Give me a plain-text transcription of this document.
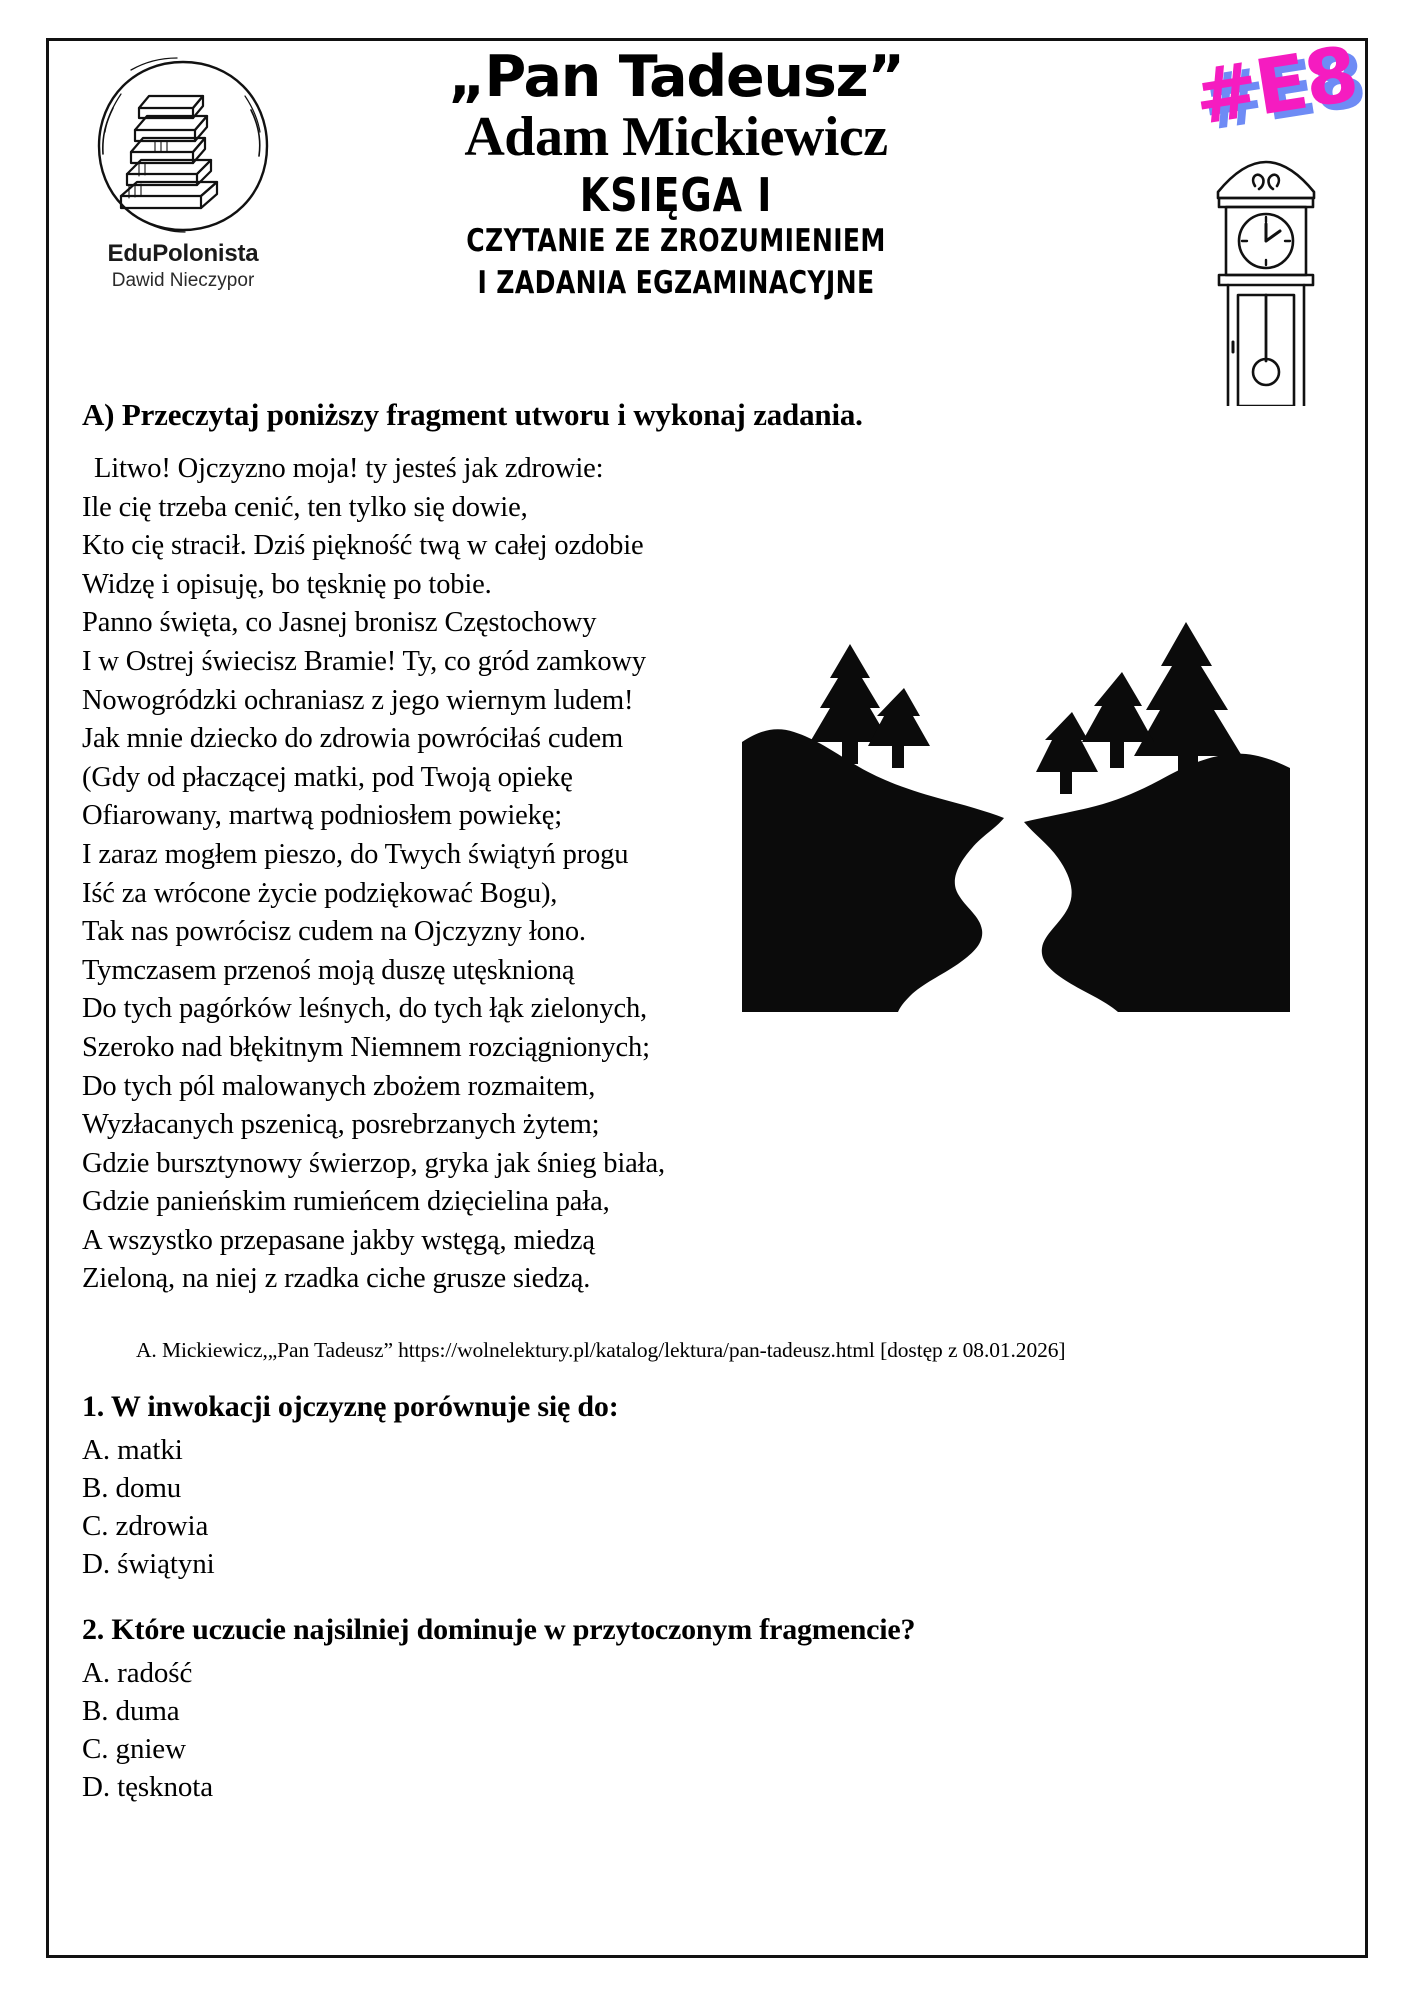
EduPolonista
Dawid Nieczypor
„Pan Tadeusz”
Adam Mickiewicz
KSIĘGA I
CZYTANIE ZE ZROZUMIENIEM
I ZADANIA EGZAMINACYJNE
#E8
A) Przeczytaj poniższy fragment utworu i wykonaj zadania.
Litwo! Ojczyzno moja! ty jesteś jak zdrowie:
Ile cię trzeba cenić, ten tylko się dowie,
Kto cię stracił. Dziś piękność twą w całej ozdobie
Widzę i opisuję, bo tęsknię po tobie.
Panno święta, co Jasnej bronisz Częstochowy
I w Ostrej świecisz Bramie! Ty, co gród zamkowy
Nowogródzki ochraniasz z jego wiernym ludem!
Jak mnie dziecko do zdrowia powróciłaś cudem
(Gdy od płaczącej matki, pod Twoją opiekę
Ofiarowany, martwą podniosłem powiekę;
I zaraz mogłem pieszo, do Twych świątyń progu
Iść za wrócone życie podziękować Bogu),
Tak nas powrócisz cudem na Ojczyzny łono.
Tymczasem przenoś moją duszę utęsknioną
Do tych pagórków leśnych, do tych łąk zielonych,
Szeroko nad błękitnym Niemnem rozciągnionych;
Do tych pól malowanych zbożem rozmaitem,
Wyzłacanych pszenicą, posrebrzanych żytem;
Gdzie bursztynowy świerzop, gryka jak śnieg biała,
Gdzie panieńskim rumieńcem dzięcielina pała,
A wszystko przepasane jakby wstęgą, miedzą
Zieloną, na niej z rzadka ciche grusze siedzą.
A. Mickiewicz,„Pan Tadeusz” https://wolnelektury.pl/katalog/lektura/pan-tadeusz.html [dostęp z 08.01.2026]
1. W inwokacji ojczyznę porównuje się do:
A. matki
B. domu
C. zdrowia
D. świątyni
2. Które uczucie najsilniej dominuje w przytoczonym fragmencie?
A. radość
B. duma
C. gniew
D. tęsknota
